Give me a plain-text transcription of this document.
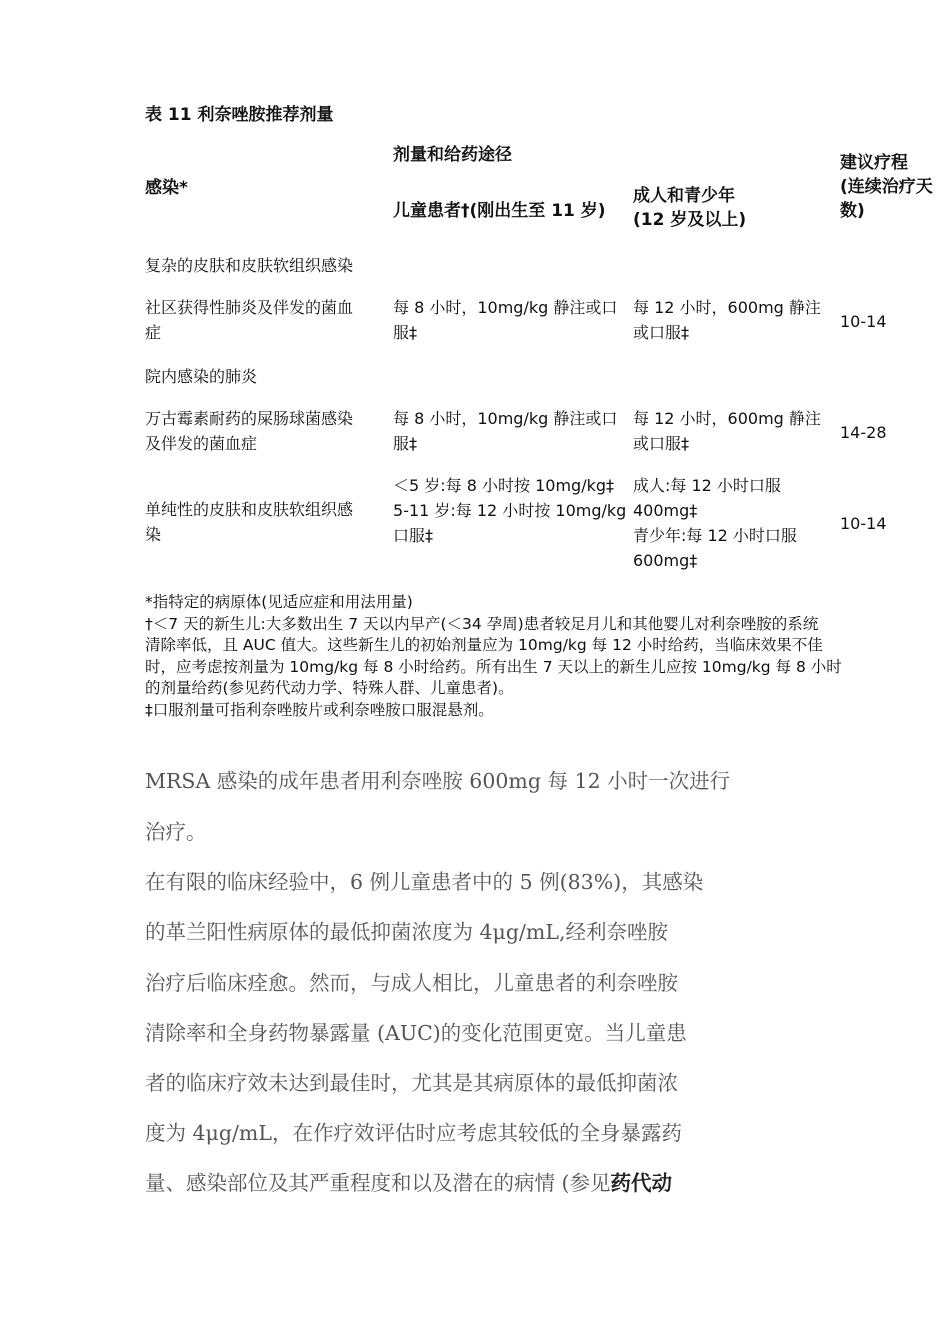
表 11 利奈唑胺推荐剂量
剂量和给药途径
感染*
儿童患者†(刚出生至 11 岁)
成人和青少年
(12 岁及以上)
建议疗程
(连续治疗天
数)
复杂的皮肤和皮肤软组织感染
社区获得性肺炎及伴发的菌血
症
每 8 小时，10mg/kg 静注或口
服‡
每 12 小时，600mg 静注
或口服‡
10-14
院内感染的肺炎
万古霉素耐药的屎肠球菌感染
及伴发的菌血症
每 8 小时，10mg/kg 静注或口
服‡
每 12 小时，600mg 静注
或口服‡
14-28
单纯性的皮肤和皮肤软组织感
染
＜5 岁:每 8 小时按 10mg/kg‡
5-11 岁:每 12 小时按 10mg/kg
口服‡
成人:每 12 小时口服
400mg‡
青少年:每 12 小时口服
600mg‡
10-14
*指特定的病原体(见适应症和用法用量)
†＜7 天的新生儿:大多数出生 7 天以内早产(＜34 孕周)患者较足月儿和其他婴儿对利奈唑胺的系统
清除率低，且 AUC 值大。这些新生儿的初始剂量应为 10mg/kg 每 12 小时给药，当临床效果不佳
时，应考虑按剂量为 10mg/kg 每 8 小时给药。所有出生 7 天以上的新生儿应按 10mg/kg 每 8 小时
的剂量给药(参见药代动力学、特殊人群、儿童患者)。
‡口服剂量可指利奈唑胺片或利奈唑胺口服混悬剂。
MRSA 感染的成年患者用利奈唑胺 600mg 每 12 小时一次进行
治疗。
在有限的临床经验中，6 例儿童患者中的 5 例(83%)，其感染
的革兰阳性病原体的最低抑菌浓度为 4μg/mL,经利奈唑胺
治疗后临床痊愈。然而，与成人相比，儿童患者的利奈唑胺
清除率和全身药物暴露量 (AUC)的变化范围更宽。当儿童患
者的临床疗效未达到最佳时，尤其是其病原体的最低抑菌浓
度为 4μg/mL，在作疗效评估时应考虑其较低的全身暴露药
量、感染部位及其严重程度和以及潜在的病情 (参见药代动
